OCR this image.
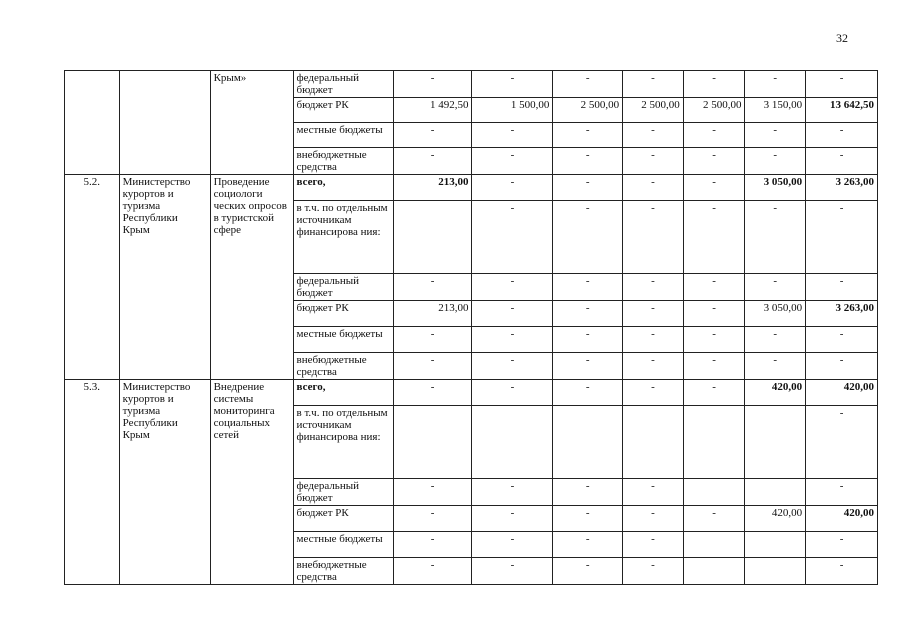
32
		Крым»	федеральный бюджет	-	-	-	-	-	-	-
			бюджет РК	1 492,50	1 500,00	2 500,00	2 500,00	2 500,00	3 150,00	13 642,50
			местные бюджеты	-	-	-	-	-	-	-
			внебюджетные средства	-	-	-	-	-	-	-
5.2.	Министерство курортов и туризма Республики Крым	Проведение социологи ческих опросов в туристской сфере	всего,	213,00	-	-	-	-	3 050,00	3 263,00
			в т.ч. по отдельным источникам финансирова ния:		-	-	-	-	-	-
			федеральный бюджет	-	-	-	-	-	-	-
			бюджет РК	213,00	-	-	-	-	3 050,00	3 263,00
			местные бюджеты	-	-	-	-	-	-	-
			внебюджетные средства	-	-	-	-	-	-	-
5.3.	Министерство курортов и туризма Республики Крым	Внедрение системы мониторинга социальных сетей	всего,	-	-	-	-	-	420,00	420,00
			в т.ч. по отдельным источникам финансирова ния:							-
			федеральный бюджет	-	-	-	-			-
			бюджет РК	-	-	-	-	-	420,00	420,00
			местные бюджеты	-	-	-	-			-
			внебюджетные средства	-	-	-	-			-
